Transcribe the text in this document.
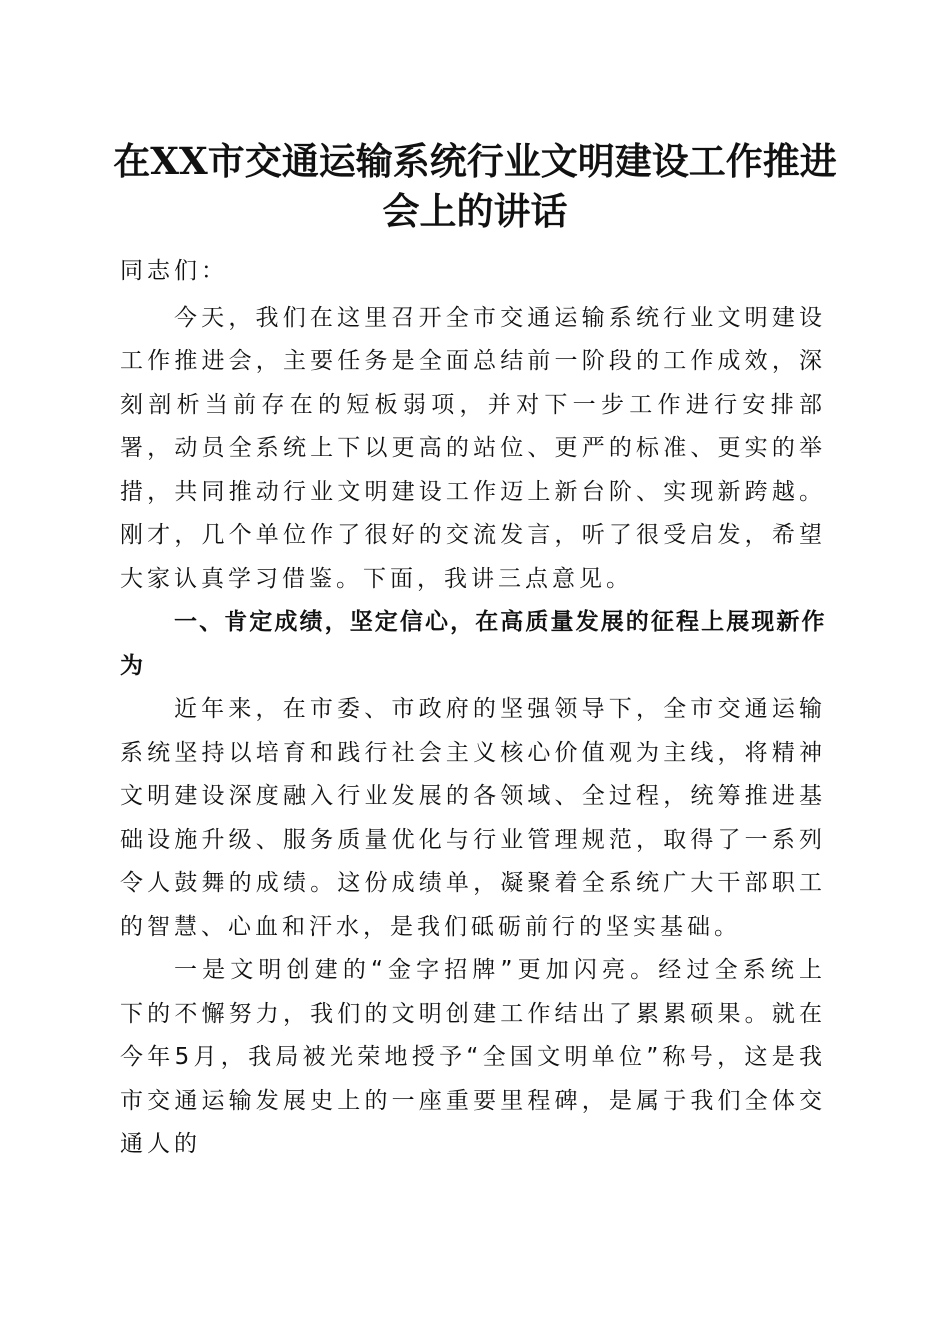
在XX市交通运输系统行业文明建设工作推进
会上的讲话

同志们：

今天，我们在这里召开全市交通运输系统行业文明建设工作推进会，主要任务是全面总结前一阶段的工作成效，深刻剖析当前存在的短板弱项，并对下一步工作进行安排部署，动员全系统上下以更高的站位、更严的标准、更实的举措，共同推动行业文明建设工作迈上新台阶、实现新跨越。刚才，几个单位作了很好的交流发言，听了很受启发，希望大家认真学习借鉴。下面，我讲三点意见。

一、肯定成绩，坚定信心，在高质量发展的征程上展现新作为

近年来，在市委、市政府的坚强领导下，全市交通运输系统坚持以培育和践行社会主义核心价值观为主线，将精神文明建设深度融入行业发展的各领域、全过程，统筹推进基础设施升级、服务质量优化与行业管理规范，取得了一系列令人鼓舞的成绩。这份成绩单，凝聚着全系统广大干部职工的智慧、心血和汗水，是我们砥砺前行的坚实基础。

一是文明创建的“金字招牌”更加闪亮。经过全系统上下的不懈努力，我们的文明创建工作结出了累累硕果。就在今年5月，我局被光荣地授予“全国文明单位”称号，这是我市交通运输发展史上的一座重要里程碑，是属于我们全体交通人的
